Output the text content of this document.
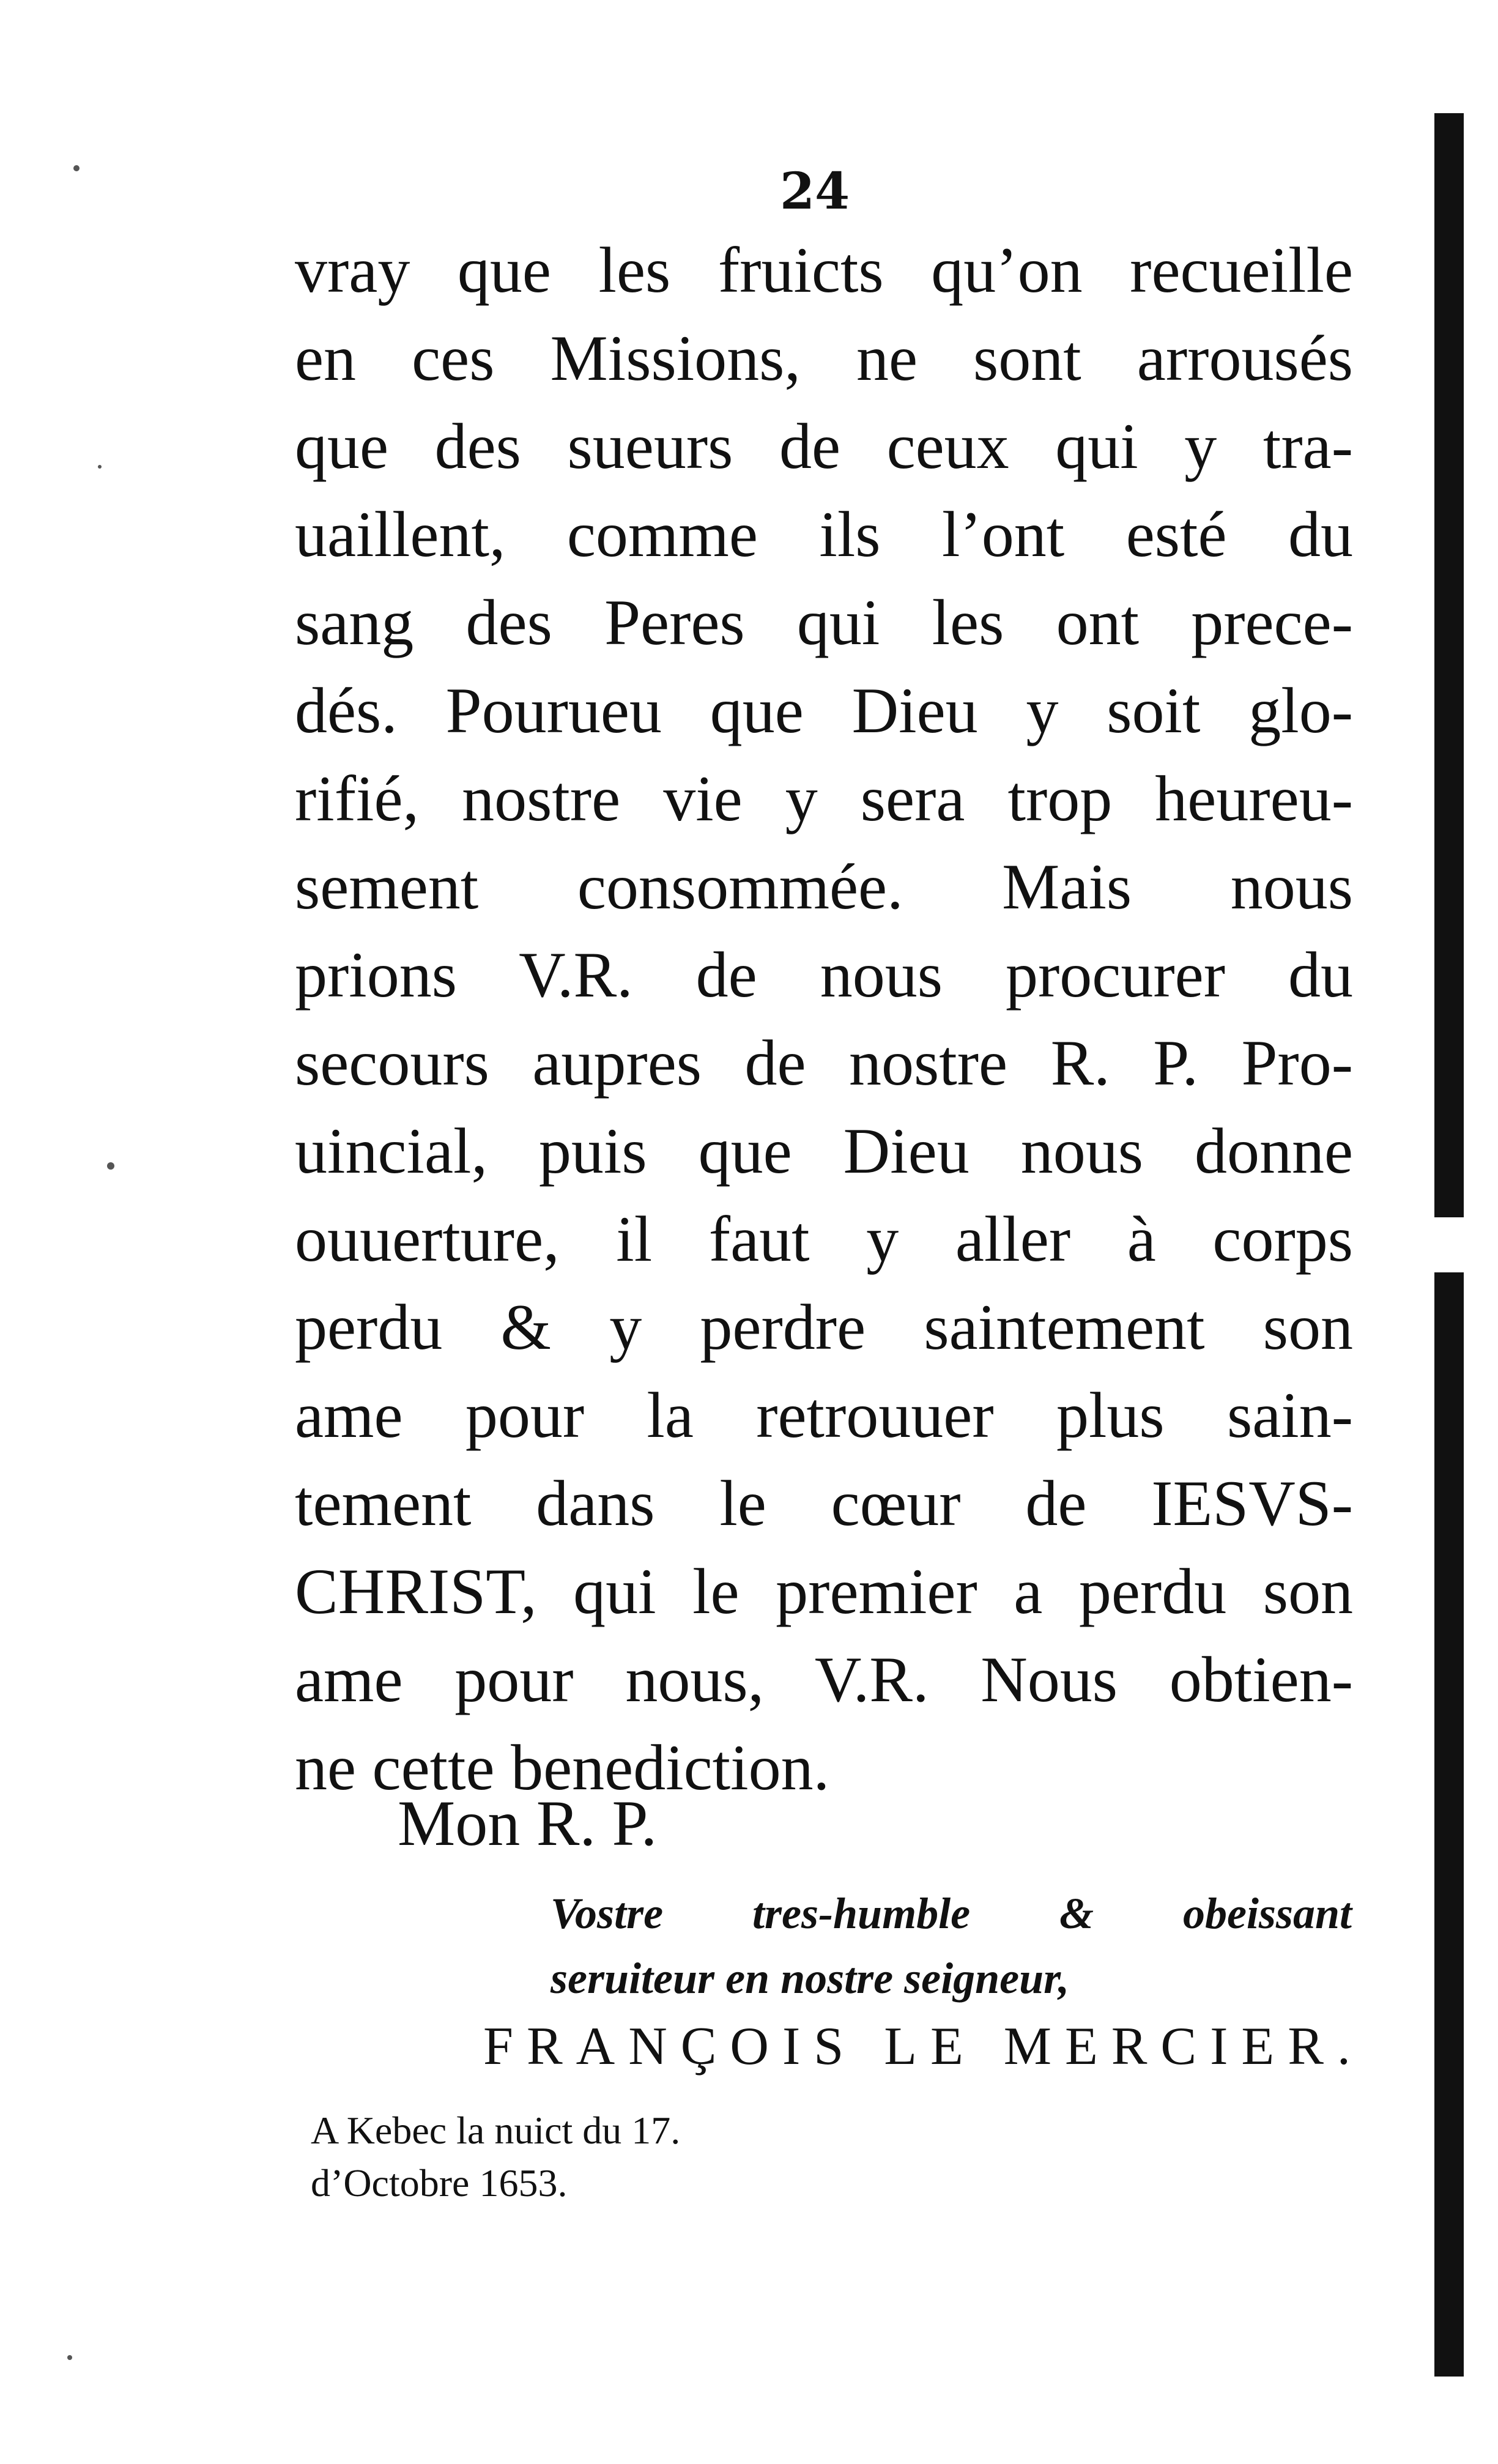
24
vray que les fruicts qu’on recueille
en ces Missions, ne sont arrousés
que des sueurs de ceux qui y tra-
uaillent, comme ils l’ont esté du
sang des Peres qui les ont prece-
dés. Pourueu que Dieu y soit glo-
rifié, nostre vie y sera trop heureu-
sement consommée. Mais nous
prions V.R. de nous procurer du
secours aupres de nostre R. P. Pro-
uincial, puis que Dieu nous donne
ouuerture, il faut y aller à corps
perdu & y perdre saintement son
ame pour la retrouuer plus sain-
tement dans le cœur de IESVS-
CHRIST, qui le premier a perdu son
ame pour nous, V.R. Nous obtien-
ne cette benediction.
Mon R. P.
Vostre tres-humble & obeissant
seruiteur en nostre seigneur,
FRANÇOIS LE MERCIER.
A Kebec la nuict du 17.
d’Octobre 1653.
